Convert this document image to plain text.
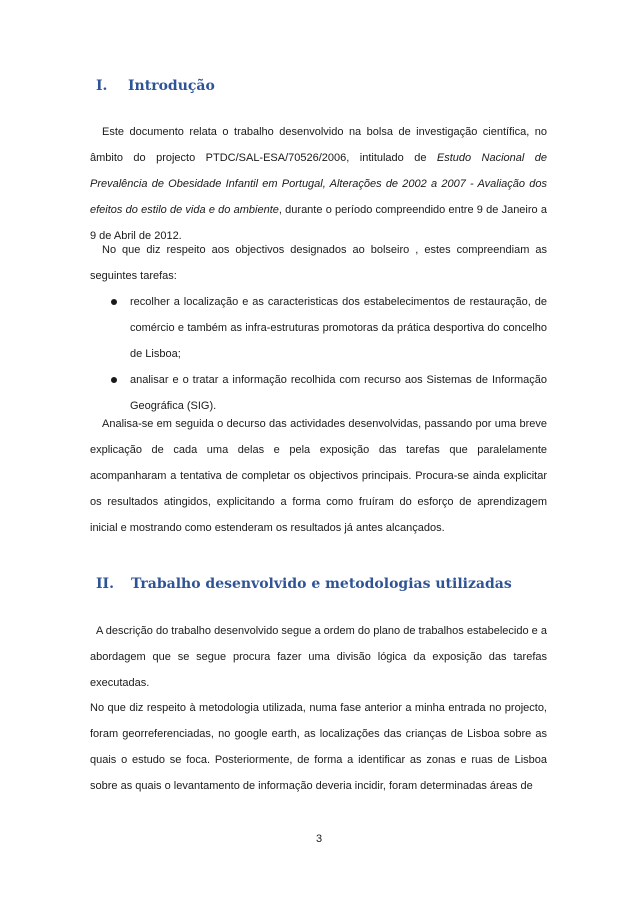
I.	Introdução

Este documento relata o trabalho desenvolvido na bolsa de investigação científica, no âmbito do projecto PTDC/SAL-ESA/70526/2006, intitulado de Estudo Nacional de Prevalência de Obesidade Infantil em Portugal, Alterações de 2002 a 2007 - Avaliação dos efeitos do estilo de vida e do ambiente, durante o período compreendido entre 9 de Janeiro a 9 de Abril de 2012.

No que diz respeito aos objectivos designados ao bolseiro , estes compreendiam as seguintes tarefas:

recolher a localização e as caracteristicas dos estabelecimentos de restauração, de comércio e também as infra-estruturas promotoras da prática desportiva do concelho de Lisboa;
analisar e o tratar a informação recolhida com recurso aos Sistemas de Informação Geográfica (SIG).

Analisa-se em seguida o decurso das actividades desenvolvidas, passando por uma breve explicação de cada uma delas e pela exposição das tarefas que paralelamente acompanharam a tentativa de completar os objectivos principais. Procura-se ainda explicitar os resultados atingidos, explicitando a forma como fruíram do esforço de aprendizagem inicial e mostrando como estenderam os resultados já antes alcançados.

II.	Trabalho desenvolvido e metodologias utilizadas

A descrição do trabalho desenvolvido segue a ordem do plano de trabalhos estabelecido e a abordagem que se segue procura fazer uma divisão lógica da exposição das tarefas executadas.

No que diz respeito à metodologia utilizada, numa fase anterior a minha entrada no projecto, foram georreferenciadas, no google earth, as localizações das crianças de Lisboa sobre as quais o estudo se foca. Posteriormente, de forma a identificar as zonas e ruas de Lisboa sobre as quais o levantamento de informação deveria incidir, foram determinadas áreas de

3
